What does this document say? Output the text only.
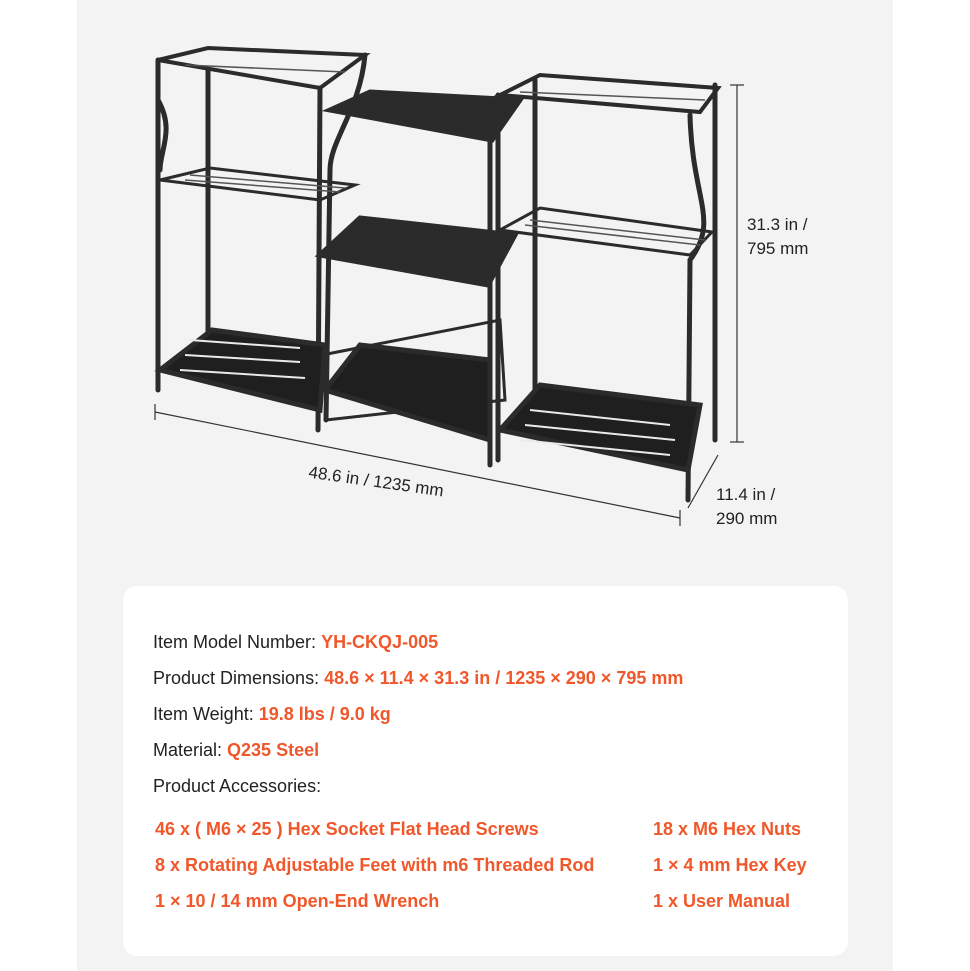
48.6 in / 1235 mm
31.3 in /
795 mm
11.4 in /
290 mm
Item Model Number: YH-CKQJ-005
Product Dimensions: 48.6 × 11.4 × 31.3 in / 1235 × 290 × 795 mm
Item Weight: 19.8 lbs / 9.0 kg
Material: Q235 Steel
Product Accessories:
46 x ( M6 × 25 ) Hex Socket Flat Head Screws
8 x Rotating Adjustable Feet with m6 Threaded Rod
1 × 10 / 14 mm Open-End Wrench
18 x M6 Hex Nuts
1 × 4 mm Hex Key
1 x User Manual
